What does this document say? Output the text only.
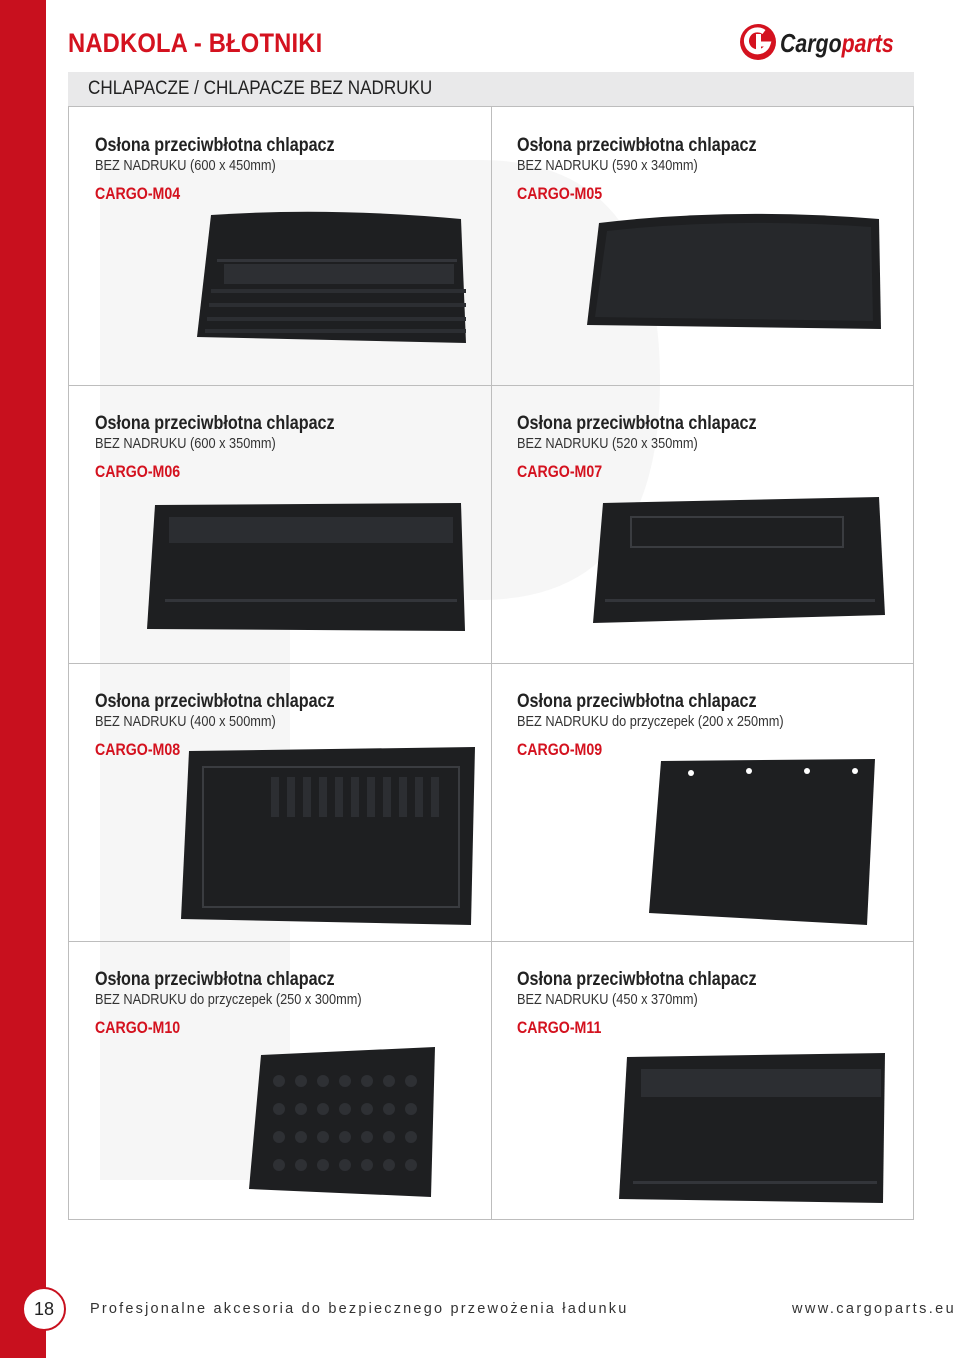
NADKOLA - BŁOTNIKI	Cargoparts
CHLAPACZE / CHLAPACZE BEZ NADRUKU
Osłona przeciwbłotna chlapacz
BEZ NADRUKU (600 x 450mm)
CARGO-M04
Osłona przeciwbłotna chlapacz
BEZ NADRUKU (590 x 340mm)
CARGO-M05
Osłona przeciwbłotna chlapacz
BEZ NADRUKU (600 x 350mm)
CARGO-M06
Osłona przeciwbłotna chlapacz
BEZ NADRUKU (520 x 350mm)
CARGO-M07
Osłona przeciwbłotna chlapacz
BEZ NADRUKU (400 x 500mm)
CARGO-M08
Osłona przeciwbłotna chlapacz
BEZ NADRUKU do przyczepek (200 x 250mm)
CARGO-M09
Osłona przeciwbłotna chlapacz
BEZ NADRUKU do przyczepek (250 x 300mm)
CARGO-M10
Osłona przeciwbłotna chlapacz
BEZ NADRUKU (450 x 370mm)
CARGO-M11
18	Profesjonalne akcesoria do bezpiecznego przewożenia ładunku	www.cargoparts.eu
